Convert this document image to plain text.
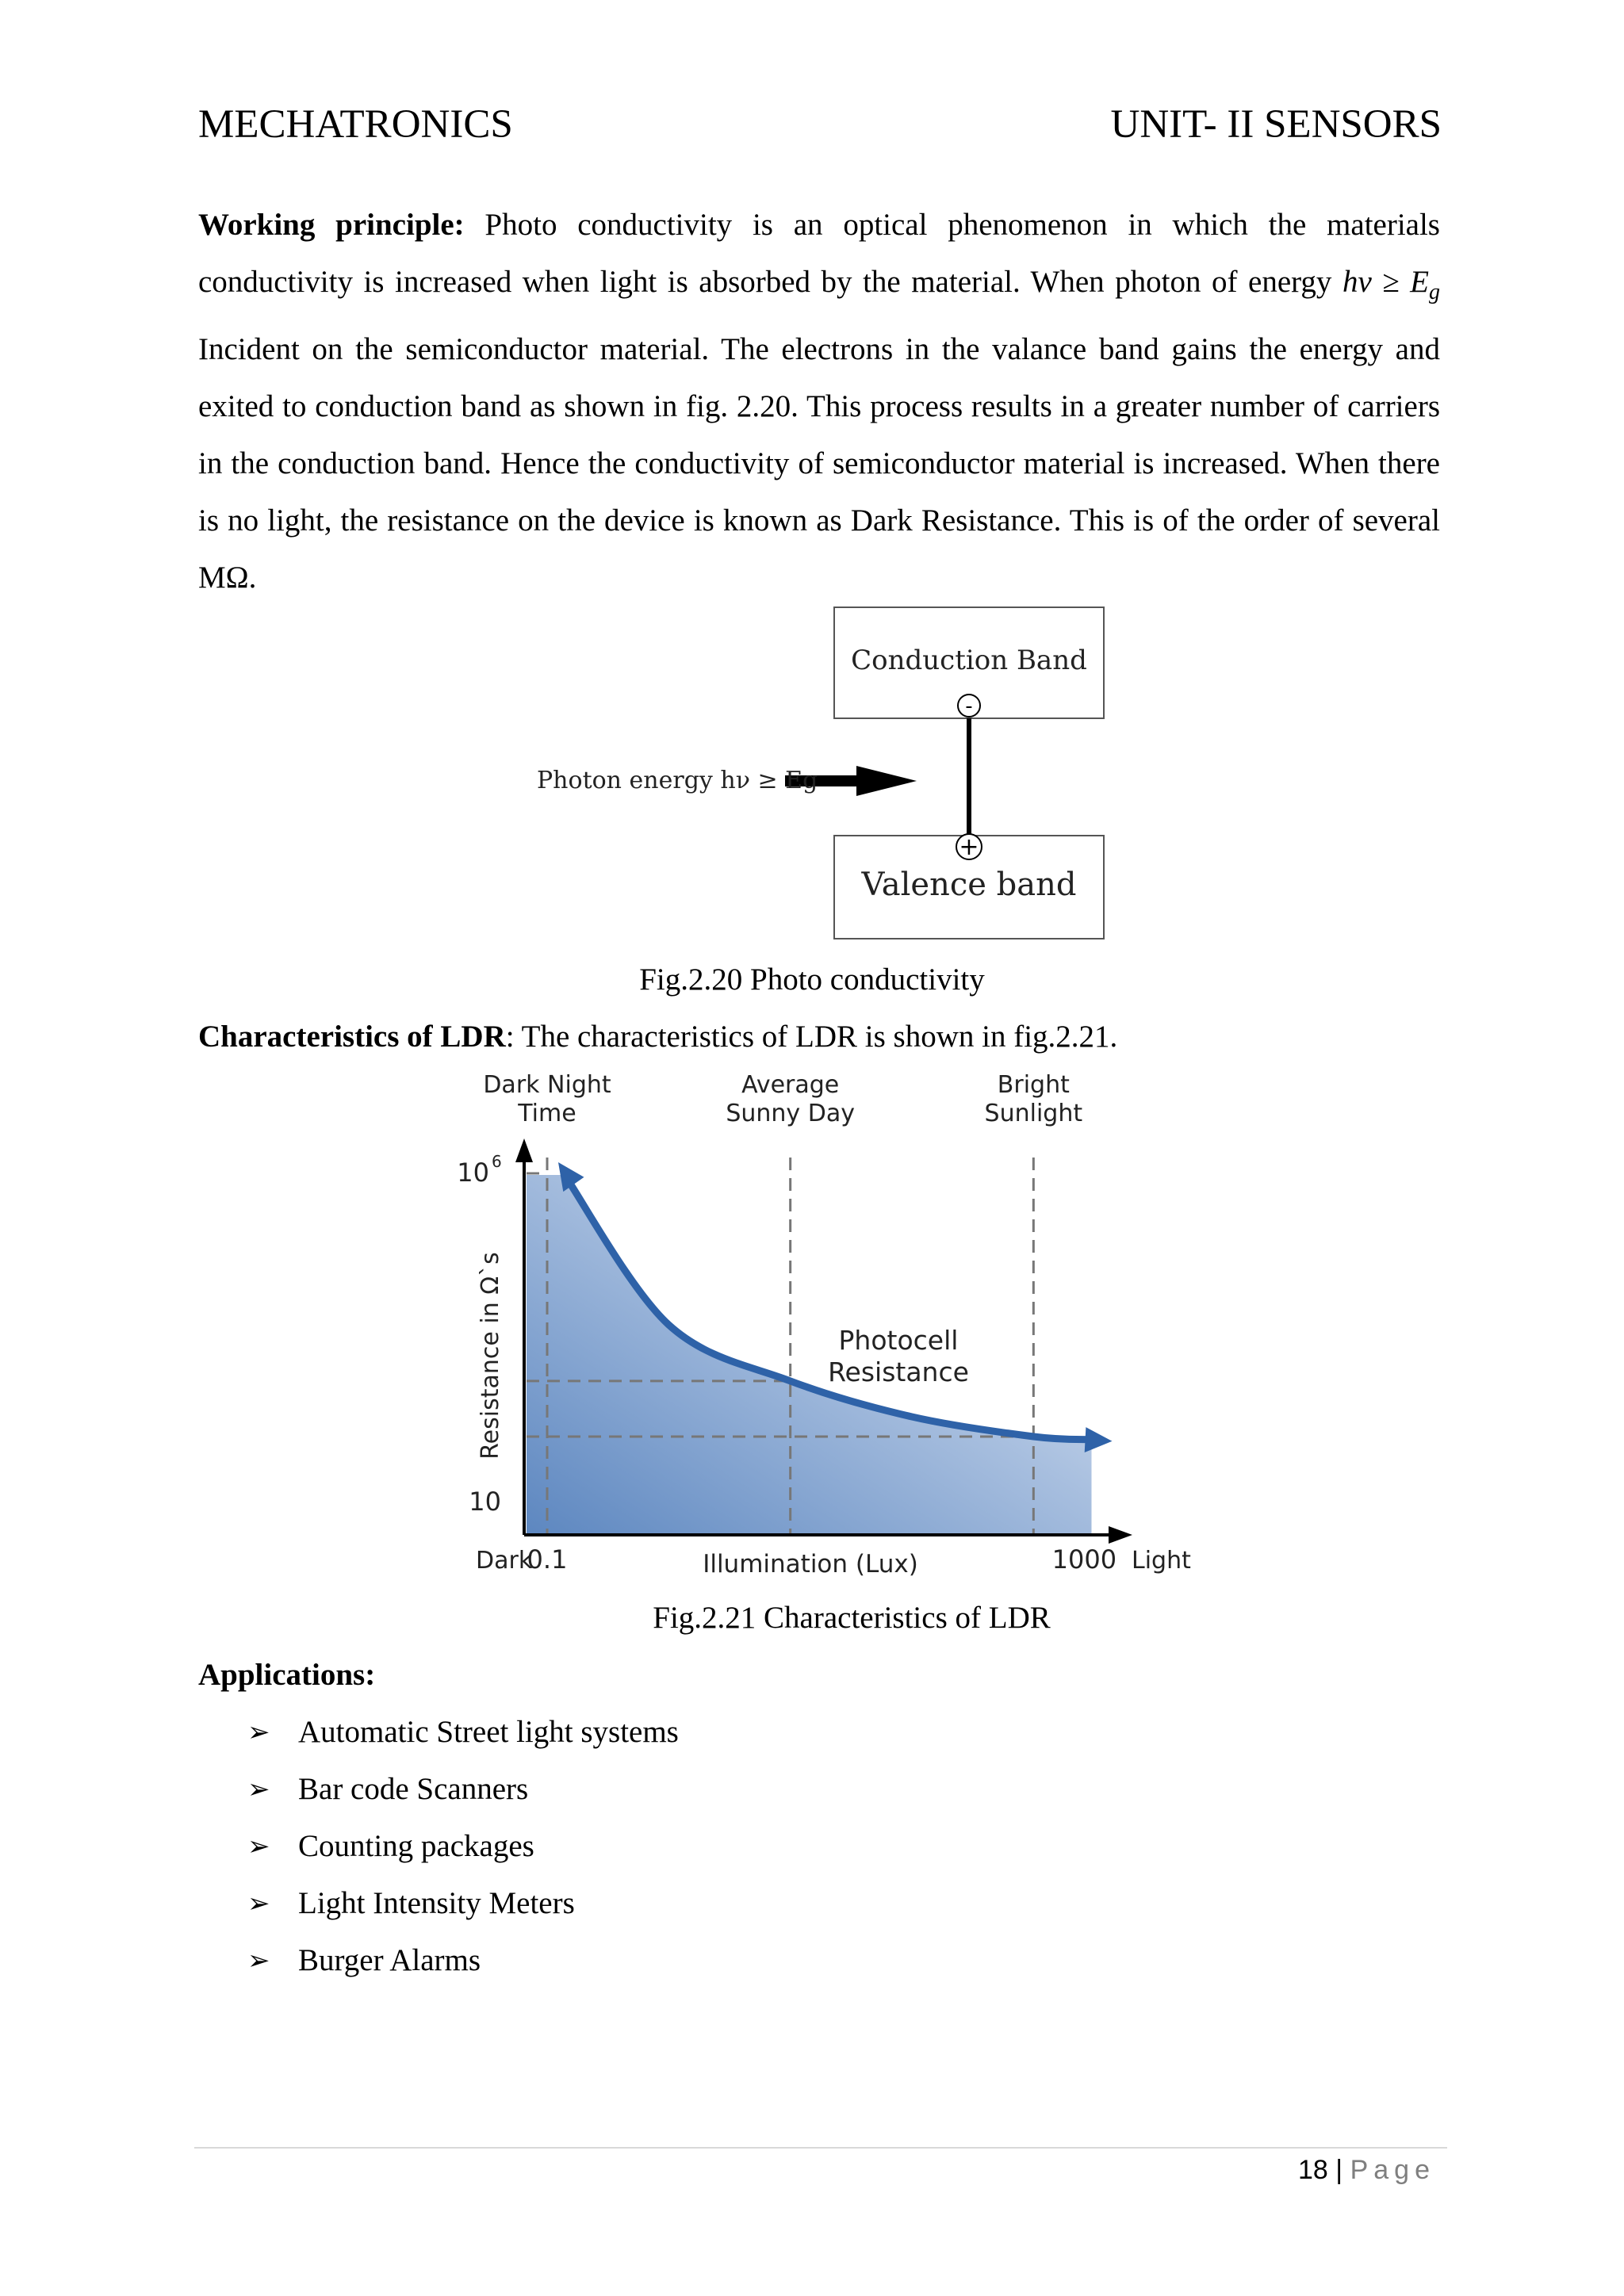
MECHATRONICS	UNIT- II SENSORS
Working principle: Photo conductivity is an optical phenomenon in which the materials conductivity is increased when light is absorbed by the material. When photon of energy $h\nu \ge E_g$ Incident on the semiconductor material. The electrons in the valance band gains the energy and exited to conduction band as shown in fig. 2.20. This process results in a greater number of carriers in the conduction band. Hence the conductivity of semiconductor material is increased. When there is no light, the resistance on the device is known as Dark Resistance. This is of the order of several MΩ.
Conduction Band
Valence band
-
+
Photon energy hν ≥ Eg
Fig.2.20 Photo conductivity
Characteristics of LDR: The characteristics of LDR is shown in fig.2.21.
Dark Night
Time
Average
Sunny Day
Bright
Sunlight
10
10 6
0.1	1000
Dark	Light
Illumination (Lux)
Resistance in Ω`s	Photocell
Resistance
Fig.2.21 Characteristics of LDR
Applications:
➢ Automatic Street light systems
➢ Bar code Scanners
➢ Counting packages
➢ Light Intensity Meters
➢ Burger Alarms
18 | Page
